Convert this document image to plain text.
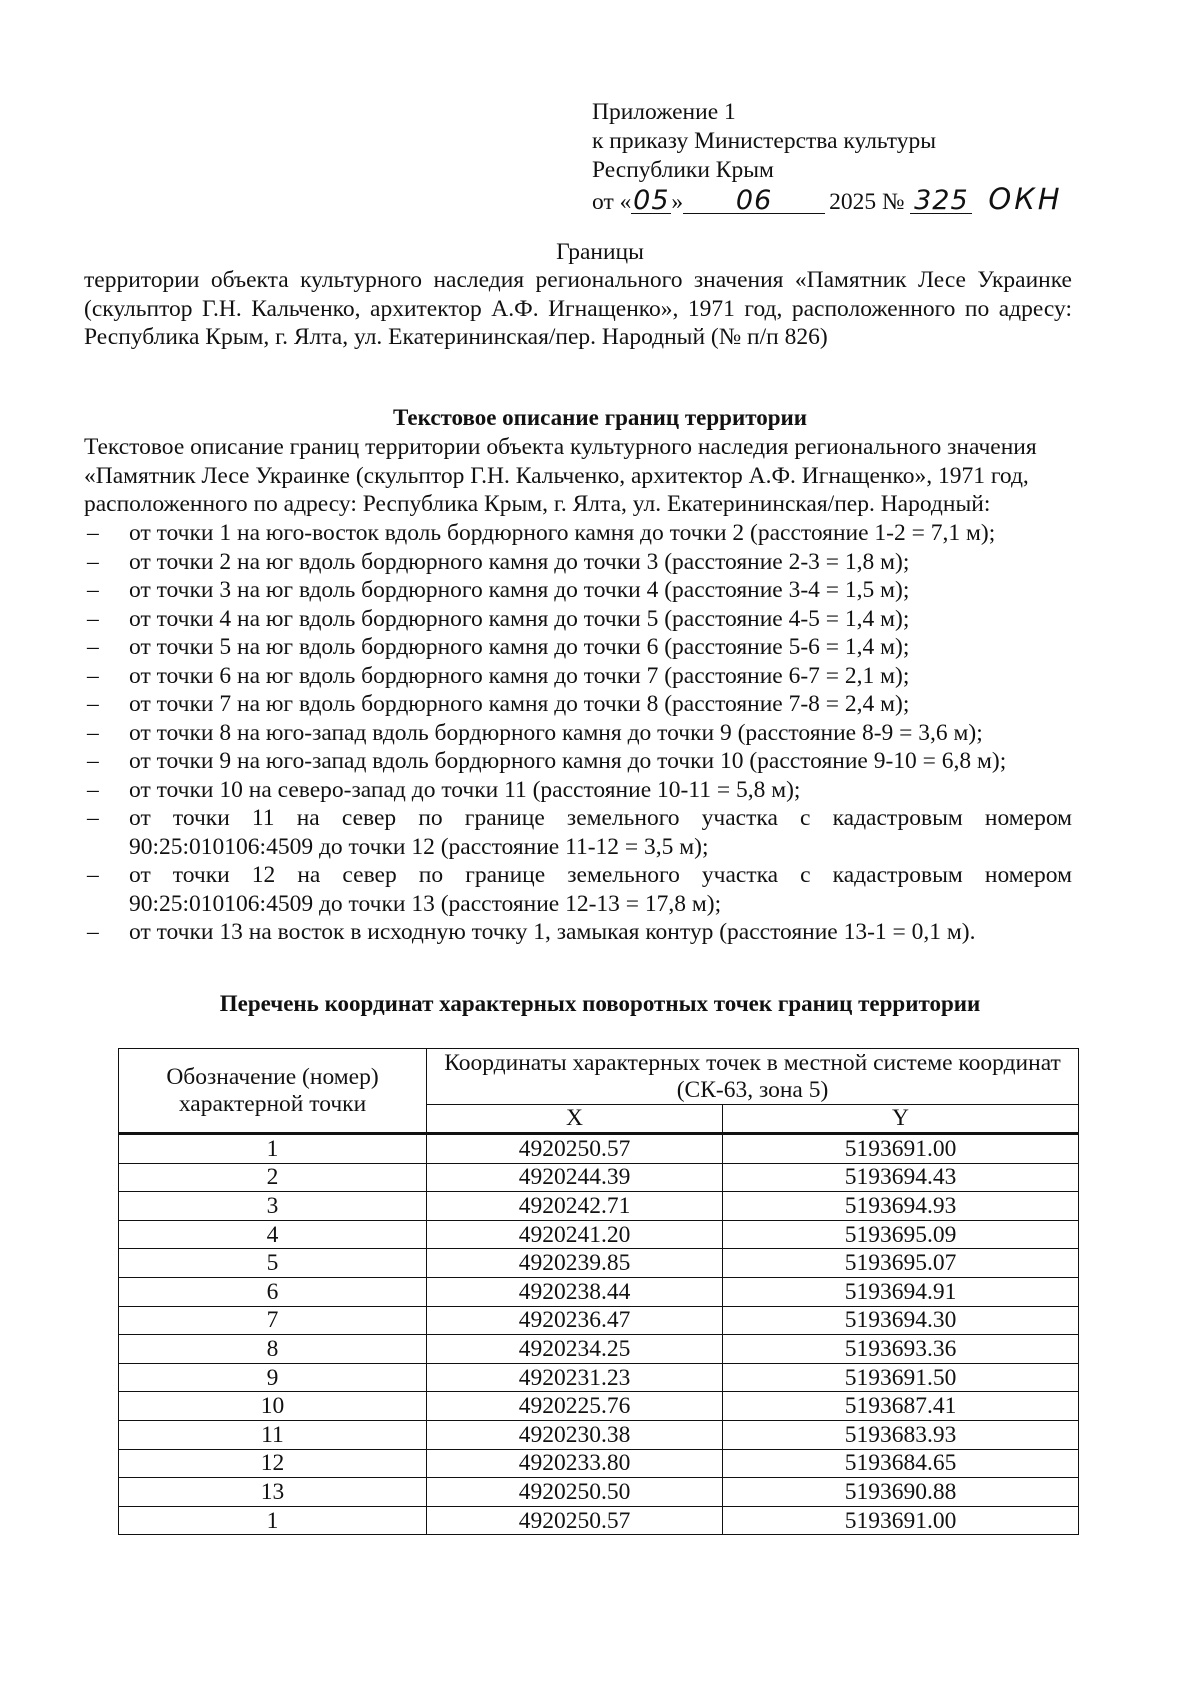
Приложение 1
к приказу Министерства культуры
Республики Крым
от « 05 »	06	2025 № 325 ОКН
Границы
территории объекта культурного наследия регионального значения «Памятник Лесе Украинке (скульптор Г.Н. Кальченко, архитектор А.Ф. Игнащенко», 1971 год, расположенного по адресу: Республика Крым, г. Ялта, ул. Екатерининская/пер. Народный (№ п/п 826)
Текстовое описание границ территории

Текстовое описание границ территории объекта культурного наследия регионального значения «Памятник Лесе Украинке (скульптор Г.Н. Кальченко, архитектор А.Ф. Игнащенко», 1971 год, расположенного по адресу: Республика Крым, г. Ялта, ул. Екатерининская/пер. Народный:

– от точки 1 на юго-восток вдоль бордюрного камня до точки 2 (расстояние 1-2 = 7,1 м);
– от точки 2 на юг вдоль бордюрного камня до точки 3 (расстояние 2-3 = 1,8 м);
– от точки 3 на юг вдоль бордюрного камня до точки 4 (расстояние 3-4 = 1,5 м);
– от точки 4 на юг вдоль бордюрного камня до точки 5 (расстояние 4-5 = 1,4 м);
– от точки 5 на юг вдоль бордюрного камня до точки 6 (расстояние 5-6 = 1,4 м);
– от точки 6 на юг вдоль бордюрного камня до точки 7 (расстояние 6-7 = 2,1 м);
– от точки 7 на юг вдоль бордюрного камня до точки 8 (расстояние 7-8 = 2,4 м);
– от точки 8 на юго-запад вдоль бордюрного камня до точки 9 (расстояние 8-9 = 3,6 м);
– от точки 9 на юго-запад вдоль бордюрного камня до точки 10 (расстояние 9-10 = 6,8 м);
– от точки 10 на северо-запад до точки 11 (расстояние 10-11 = 5,8 м);
– от точки 11 на север по границе земельного участка с кадастровым номером 90:25:010106:4509 до точки 12 (расстояние 11-12 = 3,5 м);
– от точки 12 на север по границе земельного участка с кадастровым номером 90:25:010106:4509 до точки 13 (расстояние 12-13 = 17,8 м);
– от точки 13 на восток в исходную точку 1, замыкая контур (расстояние 13-1 = 0,1 м).
Перечень координат характерных поворотных точек границ территории
Обозначение (номер) характерной точки	Координаты характерных точек в местной системе координат (СК-63, зона 5)	
	X	Y
1	4920250.57	5193691.00
2	4920244.39	5193694.43
3	4920242.71	5193694.93
4	4920241.20	5193695.09
5	4920239.85	5193695.07
6	4920238.44	5193694.91
7	4920236.47	5193694.30
8	4920234.25	5193693.36
9	4920231.23	5193691.50
10	4920225.76	5193687.41
11	4920230.38	5193683.93
12	4920233.80	5193684.65
13	4920250.50	5193690.88
1	4920250.57	5193691.00
